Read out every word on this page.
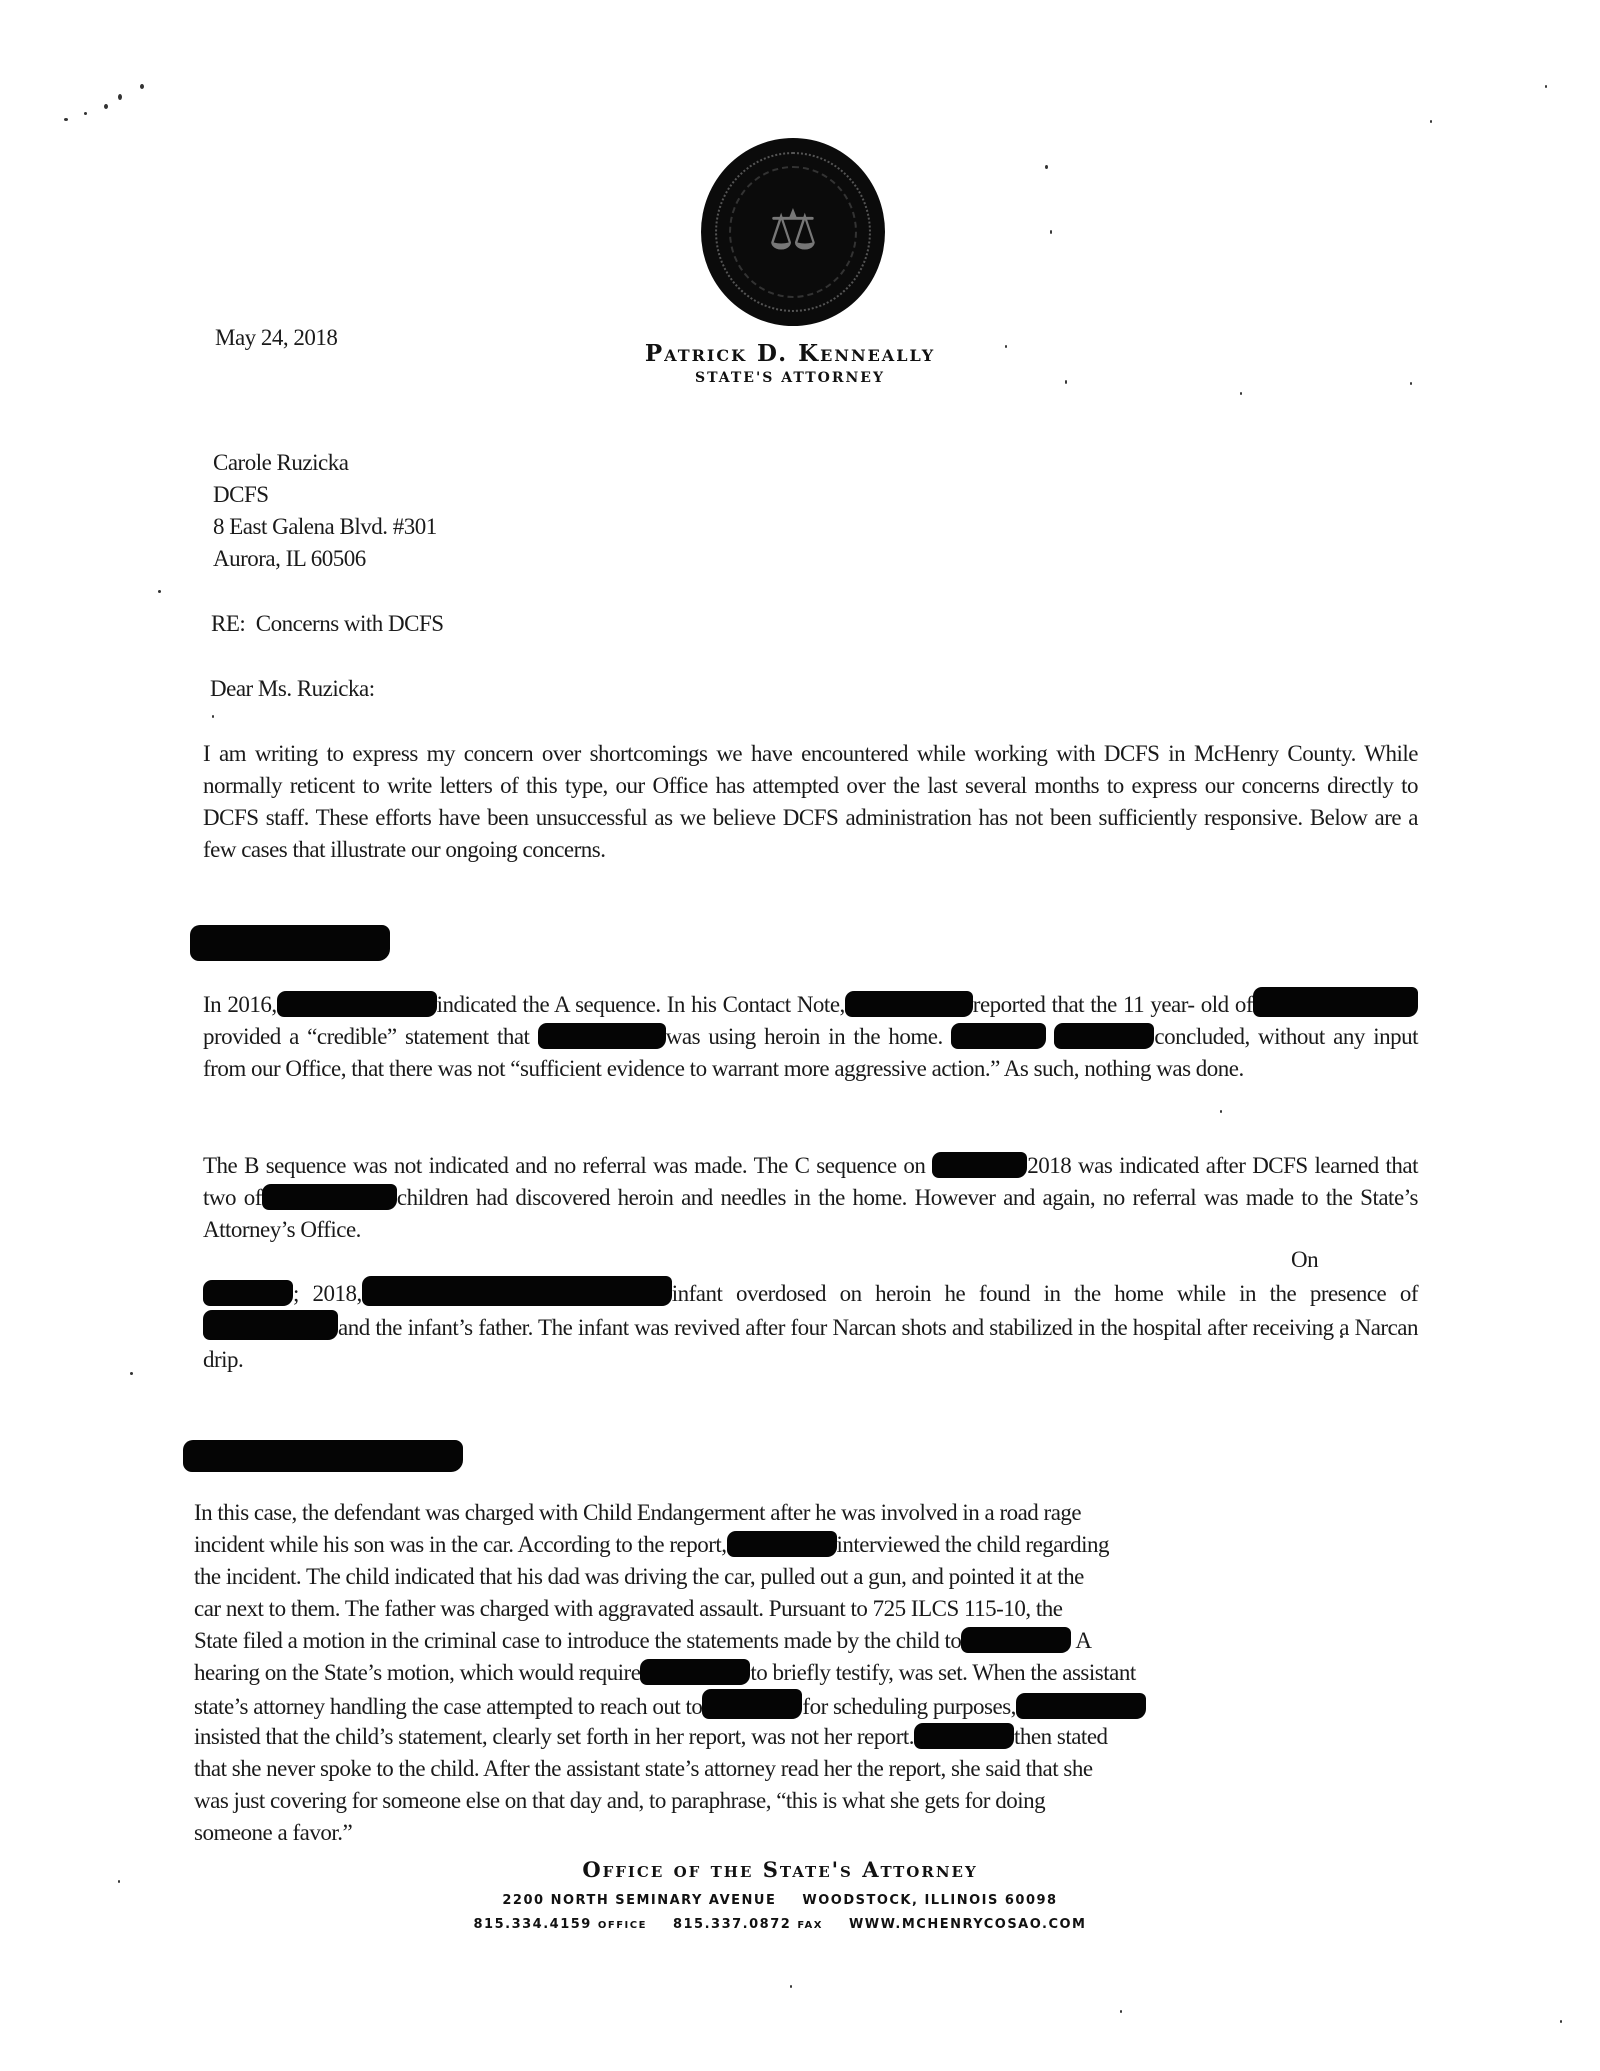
⚖
Patrick D. Kenneally
STATE'S ATTORNEY
May 24, 2018
Carole Ruzicka
DCFS
8 East Galena Blvd. #301
Aurora, IL 60506
RE:  Concerns with DCFS
Dear Ms. Ruzicka:
I am writing to express my concern over shortcomings we have encountered while working with DCFS in McHenry County. While normally reticent to write letters of this type, our Office has attempted over the last several months to express our concerns directly to DCFS staff. These efforts have been unsuccessful as we believe DCFS administration has not been sufficiently responsive. Below are a few cases that illustrate our ongoing concerns.
In 2016,	indicated the A sequence. In his Contact Note,	reported that the 11 year- old ofprovided a “credible” statement that	was using heroin in the home.	concluded, without any input from our Office, that there was not “sufficient evidence to warrant more aggressive action.” As such, nothing was done.
The B sequence was not indicated and no referral was made. The C sequence on	2018 was indicated after DCFS learned that two of	children had discovered heroin and needles in the home. However and again, no referral was made to the State’s Attorney’s Office.
On
; 2018,	infant overdosed on heroin he found in the home while in the presence ofand the infant’s father. The infant was revived after four Narcan shots and stabilized in the hospital after receiving a Narcan drip.
In this case, the defendant was charged with Child Endangerment after he was involved in a road rage
incident while his son was in the car. According to the report,	interviewed the child regarding
the incident. The child indicated that his dad was driving the car, pulled out a gun, and pointed it at the
car next to them. The father was charged with aggravated assault. Pursuant to 725 ILCS 115-10, the
State filed a motion in the criminal case to introduce the statements made by the child to	A
hearing on the State’s motion, which would require	to briefly testify, was set. When the assistant
state’s attorney handling the case attempted to reach out to	for scheduling purposes,
insisted that the child’s statement, clearly set forth in her report, was not her report.	then stated
that she never spoke to the child. After the assistant state’s attorney read her the report, she said that she
was just covering for someone else on that day and, to paraphrase, “this is what she gets for doing
someone a favor.”
Office of the State's Attorney
2200 NORTH SEMINARY AVENUE WOODSTOCK, ILLINOIS 60098
815.334.4159 OFFICE 815.337.0872 FAX WWW.MCHENRYCOSAO.COM
